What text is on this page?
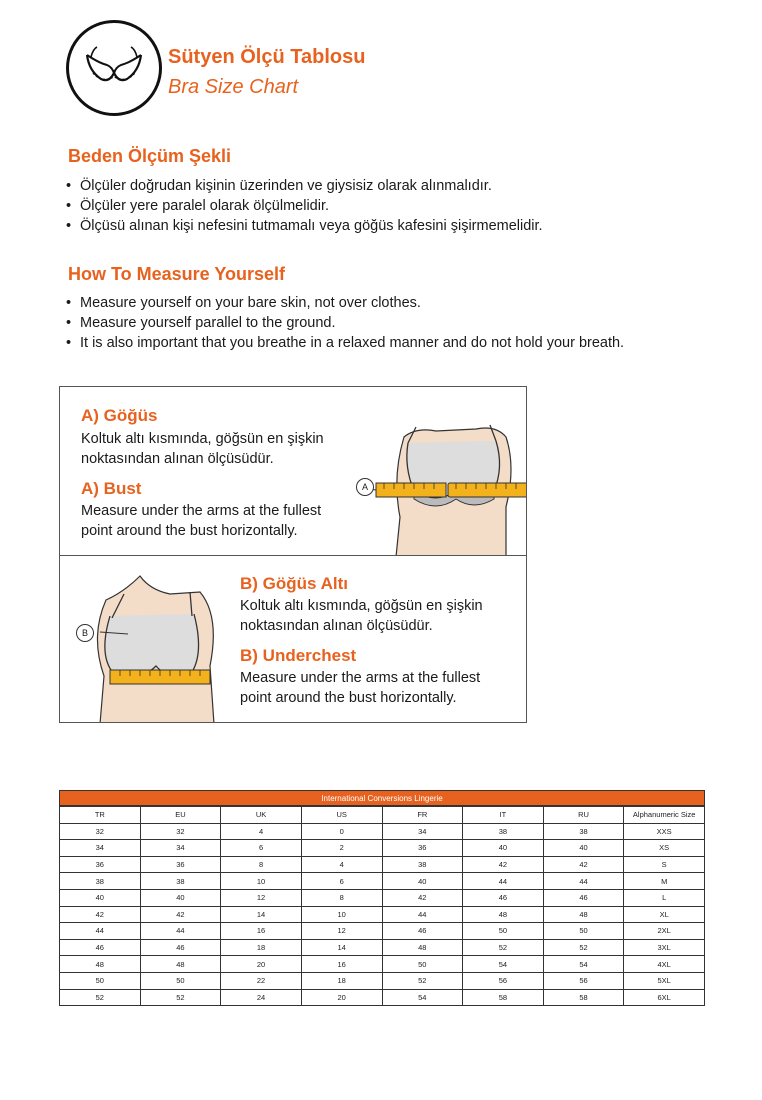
Sütyen Ölçü Tablosu
Bra Size Chart
Beden Ölçüm Şekli
• Ölçüler doğrudan kişinin üzerinden ve giysisiz olarak alınmalıdır.
• Ölçüler yere paralel olarak ölçülmelidir.
• Ölçüsü alınan kişi nefesini tutmamalı veya göğüs kafesini şişirmemelidir.
How To Measure Yourself
• Measure yourself on your bare skin, not over clothes.
• Measure yourself parallel to the ground.
• It is also important that you breathe in a relaxed manner and do not hold your breath.
A) Göğüs
Koltuk altı kısmında, göğsün en şişkin
noktasından alınan ölçüsüdür.
A) Bust
Measure under the arms at the fullest
point around the bust horizontally.
A
B
B) Göğüs Altı
Koltuk altı kısmında, göğsün en şişkin
noktasından alınan ölçüsüdür.
B) Underchest
Measure under the arms at the fullest
point around the bust horizontally.
International Conversions Lingerie
TR	EU	UK	US	FR	IT	RU	Alphanumeric Size
32	32	4	0	34	38	38	XXS
34	34	6	2	36	40	40	XS
36	36	8	4	38	42	42	S
38	38	10	6	40	44	44	M
40	40	12	8	42	46	46	L
42	42	14	10	44	48	48	XL
44	44	16	12	46	50	50	2XL
46	46	18	14	48	52	52	3XL
48	48	20	16	50	54	54	4XL
50	50	22	18	52	56	56	5XL
52	52	24	20	54	58	58	6XL
